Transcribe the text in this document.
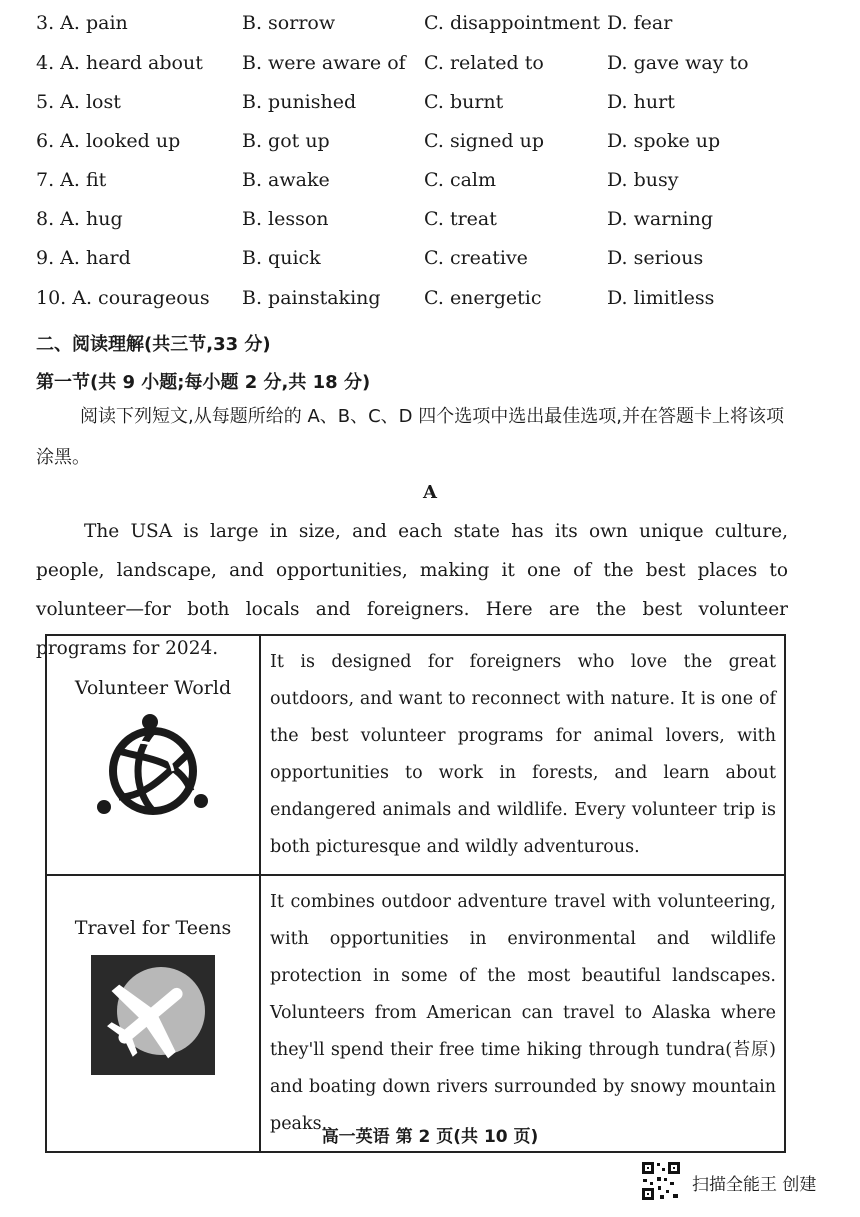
3. A. pain	B. sorrow	C. disappointment D. fear
4. A. heard about B. were aware of C. related to	D. gave way to
5. A. lost	B. punished	C. burnt	D. hurt
6. A. looked up	B. got up	C. signed up	D. spoke up
7. A. fit	B. awake	C. calm	D. busy
8. A. hug	B. lesson	C. treat	D. warning
9. A. hard	B. quick	C. creative	D. serious
10. A. courageous B. painstaking C. energetic	D. limitless
二、阅读理解(共三节,33 分)
第一节(共 9 小题;每小题 2 分,共 18 分)
阅读下列短文,从每题所给的 A、B、C、D 四个选项中选出最佳选项,并在答题卡上将该项涂黑。
A
The USA is large in size, and each state has its own unique culture, people, landscape, and opportunities, making it one of the best places to volunteer—for both locals and foreigners. Here are the best volunteer programs for 2024.
Volunteer World	It is designed for foreigners who love the great outdoors, and want to reconnect with nature. It is one of the best volunteer programs for animal lovers, with opportunities to work in forests, and learn about endangered animals and wildlife. Every volunteer trip is both picturesque and wildly adventurous.

Travel for Teens	It combines outdoor adventure travel with volunteering, with opportunities in environmental and wildlife protection in some of the most beautiful landscapes. Volunteers from American can travel to Alaska where they'll spend their free time hiking through tundra(苔原) and boating down rivers surrounded by snowy mountain peaks.
高一英语 第 2 页(共 10 页)
扫描全能王 创建
